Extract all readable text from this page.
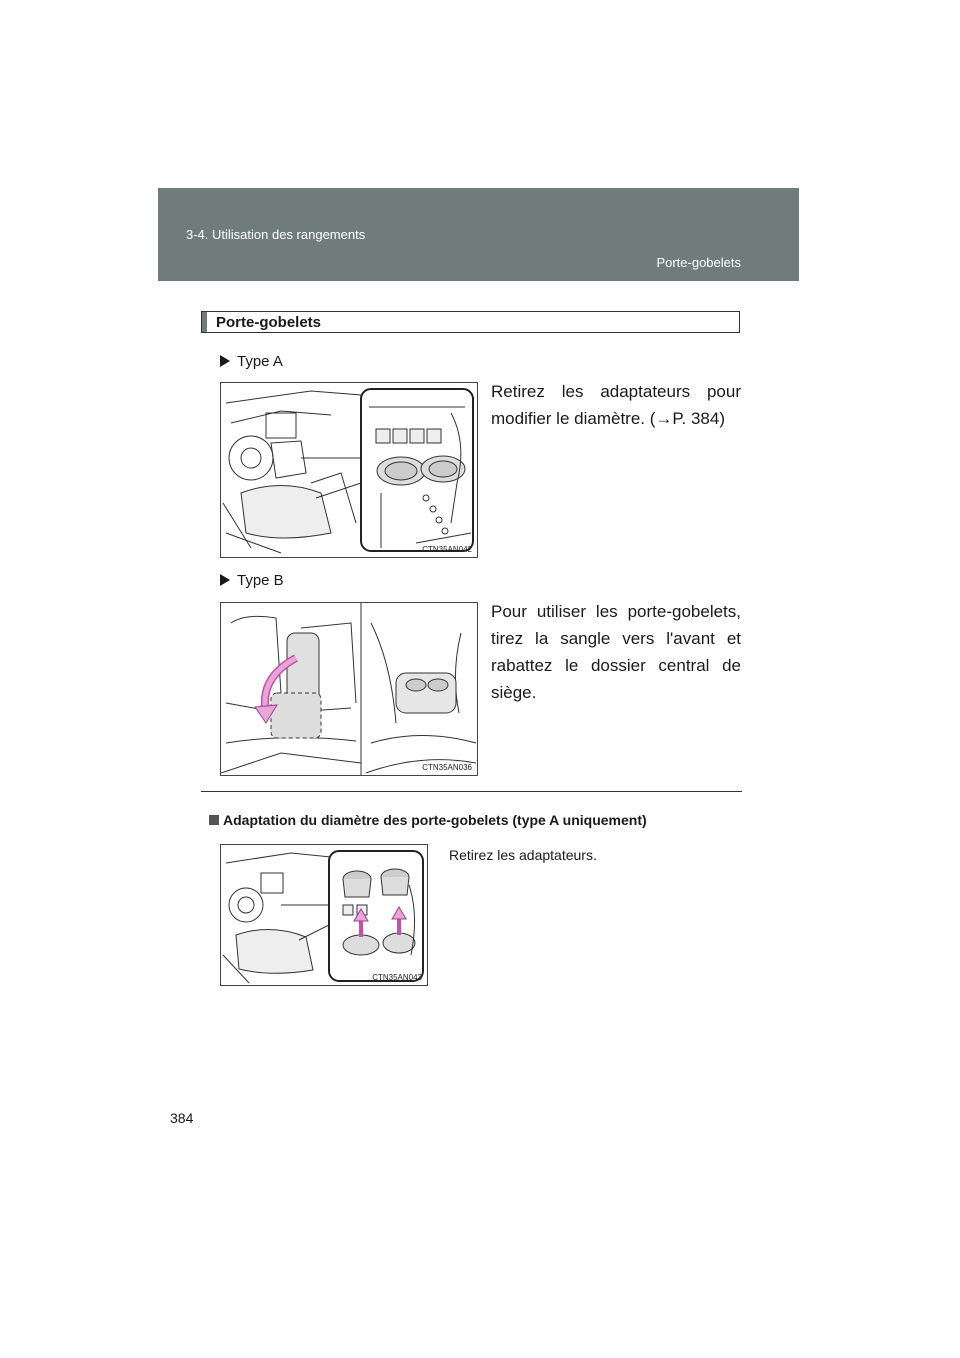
3-4. Utilisation des rangements
Porte-gobelets
Porte-gobelets
Type A
CTN35AN042
Retirez les adaptateurs pour modifier le diamètre. (→P. 384)
Type B
CTN35AN036
Pour utiliser les porte-gobelets, tirez la sangle vers l'avant et rabattez le dossier central de siège.
Adaptation du diamètre des porte-gobelets (type A uniquement)
CTN35AN043
Retirez les adaptateurs.
384
